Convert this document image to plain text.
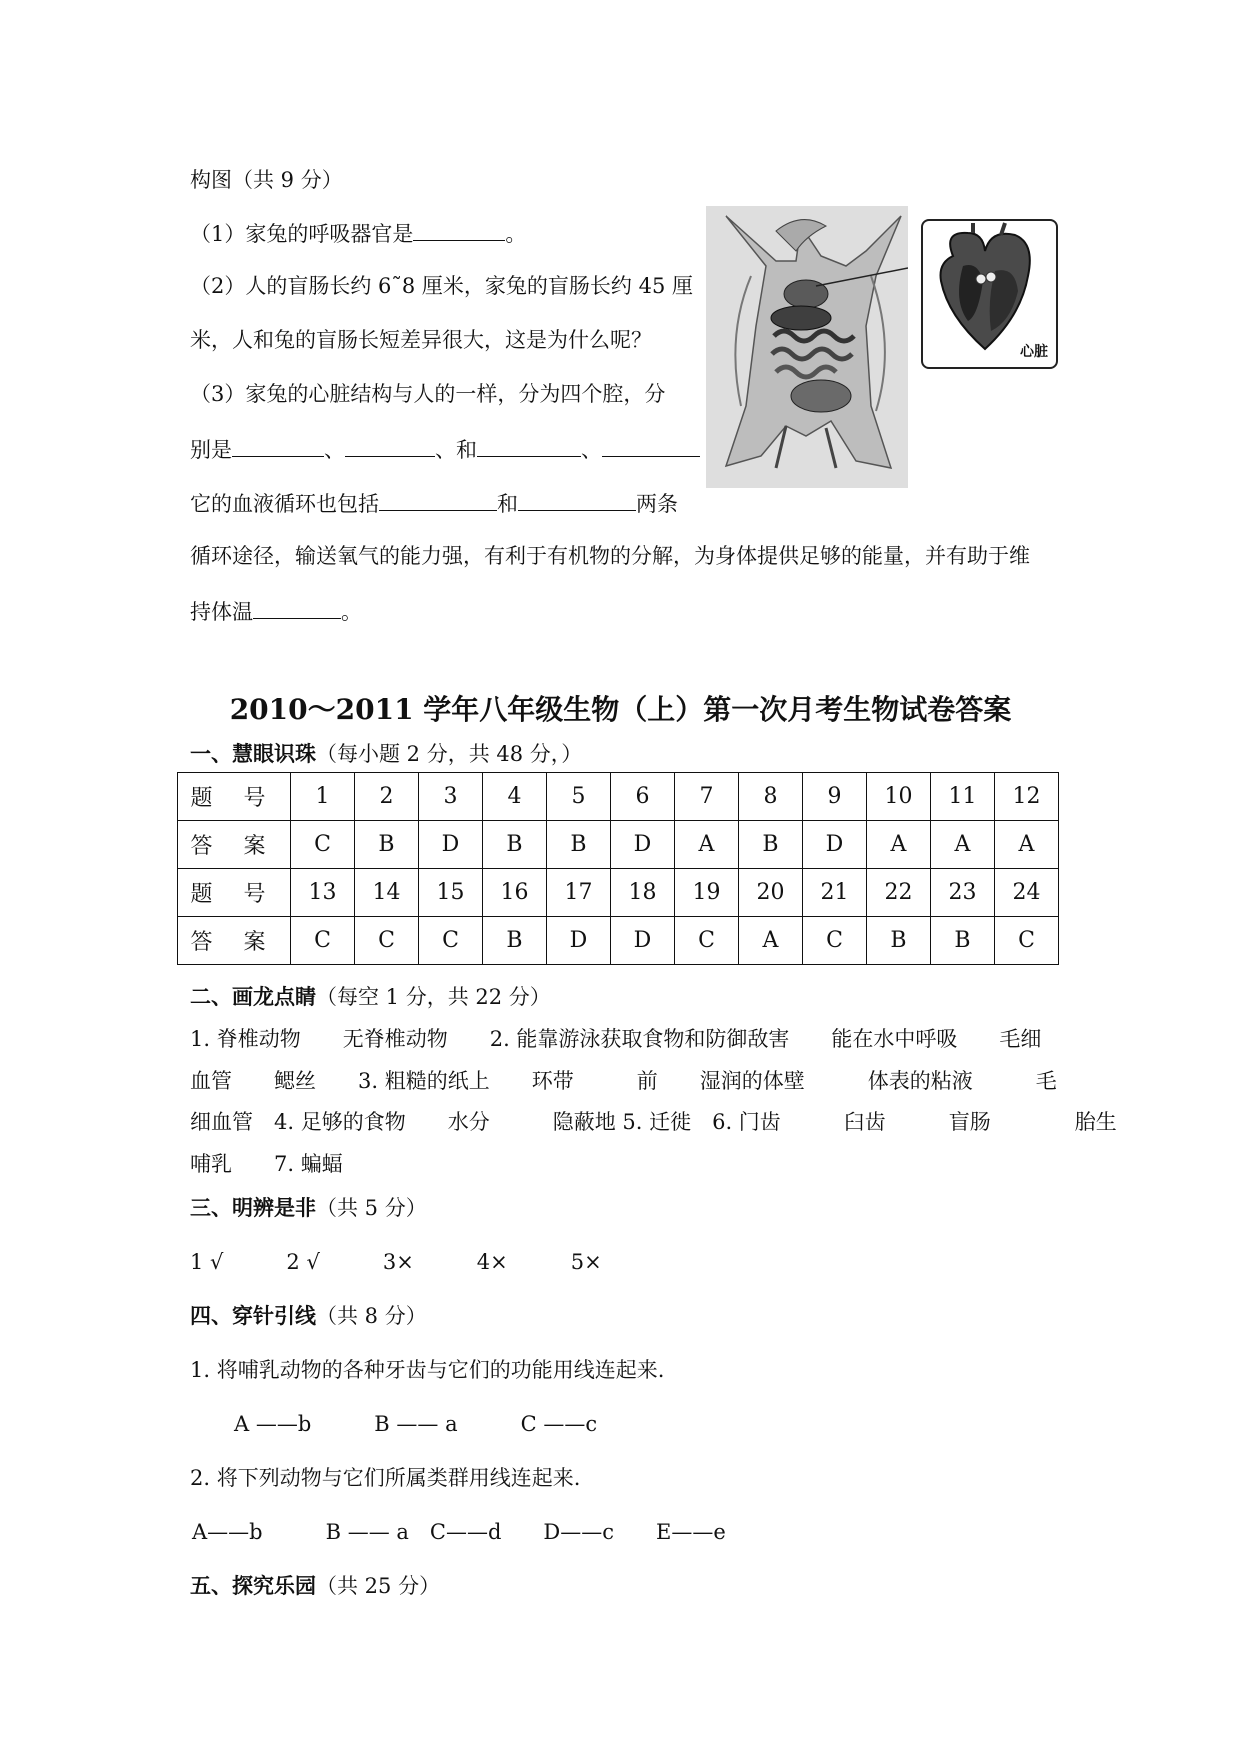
构图（共 9 分）
（1）家兔的呼吸器官是	。
（2）人的盲肠长约 6˜8 厘米，家兔的盲肠长约 45 厘
米，人和兔的盲肠长短差异很大，这是为什么呢？
（3）家兔的心脏结构与人的一样，分为四个腔，分
别是	、	、和	、
它的血液循环也包括	和	两条
循环途径，输送氧气的能力强，有利于有机物的分解，为身体提供足够的能量，并有助于维
持体温	。
心脏
2010～2011 学年八年级生物（上）第一次月考生物试卷答案
一、慧眼识珠（每小题 2 分，共 48 分，）
题 号	1	2	3	4	5	6	7	8	9	10	11	12
答 案	C	B	D	B	B	D	A	B	D	A	A	A
题 号	13	14	15	16	17	18	19	20	21	22	23	24
答 案	C	C	C	B	D	D	C	A	C	B	B	C
二、画龙点睛（每空 1 分，共 22 分）
1. 脊椎动物　　无脊椎动物　　2. 能靠游泳获取食物和防御敌害　　能在水中呼吸　　毛细
血管　　鳃丝　　3. 粗糙的纸上　　环带　　　前　　湿润的体壁　　　体表的粘液　　　毛
细血管　4. 足够的食物　　水分　　　隐蔽地 5. 迁徙　6. 门齿　　　臼齿　　　盲肠　　　　胎生
哺乳　　7. 蝙蝠
三、明辨是非（共 5 分）
1 √　　　2 √　　　3×　　　4×　　　5×
四、穿针引线（共 8 分）
1. 将哺乳动物的各种牙齿与它们的功能用线连起来.
A ——b　　　B —— a　　　C ——c
2. 将下列动物与它们所属类群用线连起来.
A——b　　　B —— a　C——d　　D——c　　E——e
五、探究乐园（共 25 分）
